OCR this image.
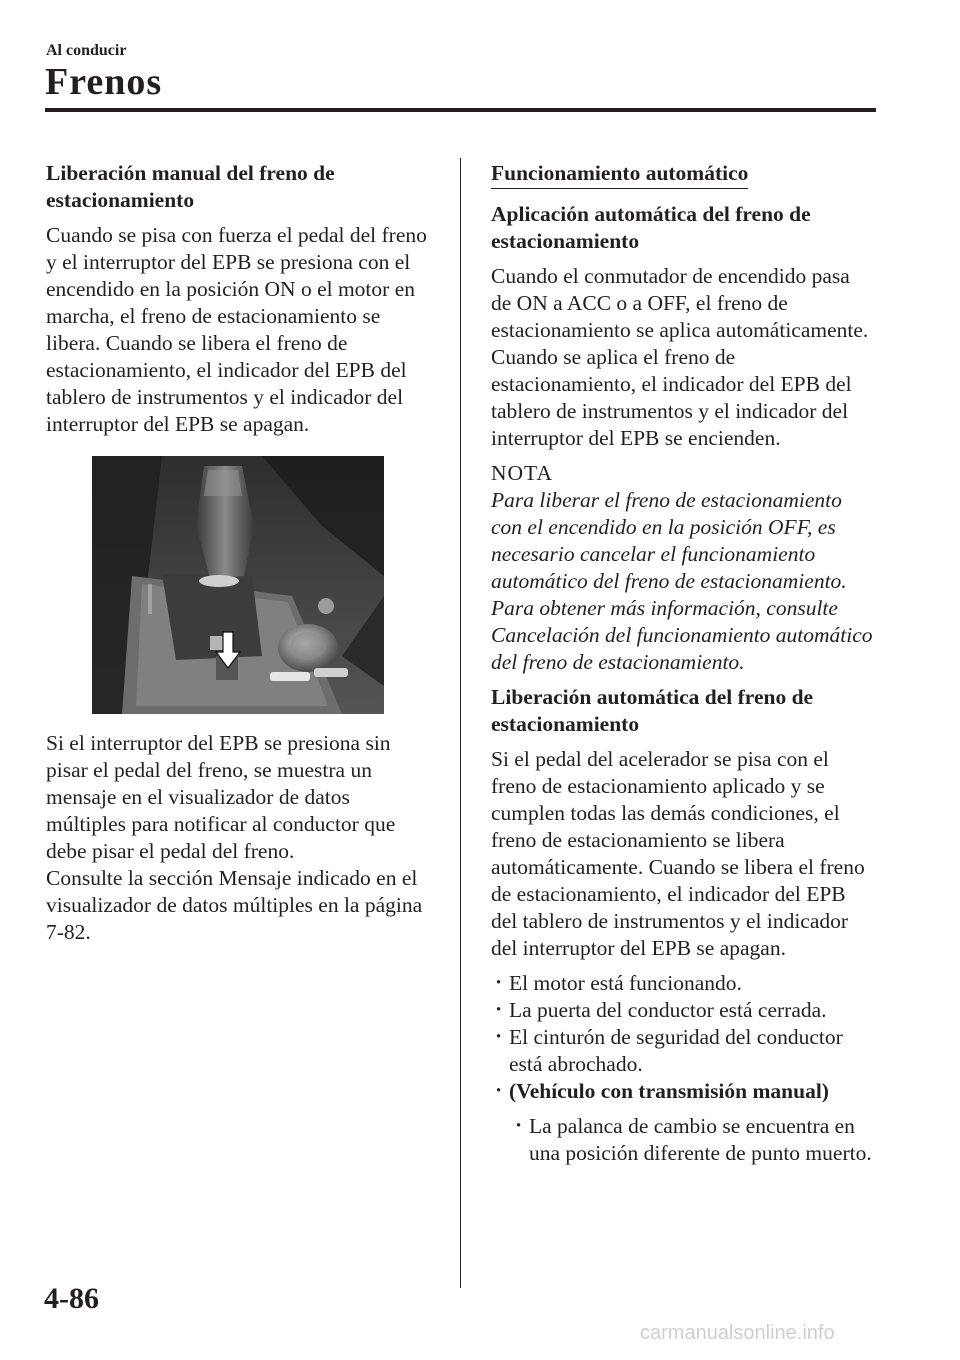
Al conducir
Frenos
Liberación manual del freno de estacionamiento

Cuando se pisa con fuerza el pedal del freno y el interruptor del EPB se presiona con el encendido en la posición ON o el motor en marcha, el freno de estacionamiento se libera. Cuando se libera el freno de estacionamiento, el indicador del EPB del tablero de instrumentos y el indicador del interruptor del EPB se apagan.

Si el interruptor del EPB se presiona sin pisar el pedal del freno, se muestra un mensaje en el visualizador de datos múltiples para notificar al conductor que debe pisar el pedal del freno.

Consulte la sección Mensaje indicado en el visualizador de datos múltiples en la página 7-82.

Funcionamiento automático
Aplicación automática del freno de estacionamiento

Cuando el conmutador de encendido pasa de ON a ACC o a OFF, el freno de estacionamiento se aplica automáticamente. Cuando se aplica el freno de estacionamiento, el indicador del EPB del tablero de instrumentos y el indicador del interruptor del EPB se encienden.

NOTA

Para liberar el freno de estacionamiento con el encendido en la posición OFF, es necesario cancelar el funcionamiento automático del freno de estacionamiento. Para obtener más información, consulte Cancelación del funcionamiento automático del freno de estacionamiento.

Liberación automática del freno de estacionamiento

Si el pedal del acelerador se pisa con el freno de estacionamiento aplicado y se cumplen todas las demás condiciones, el freno de estacionamiento se libera automáticamente. Cuando se libera el freno de estacionamiento, el indicador del EPB del tablero de instrumentos y el indicador del interruptor del EPB se apagan.

· El motor está funcionando.
· La puerta del conductor está cerrada.
· El cinturón de seguridad del conductor está abrochado.
· (Vehículo con transmisión manual)
· La palanca de cambio se encuentra en una posición diferente de punto muerto.
4-86
carmanualsonline.info
